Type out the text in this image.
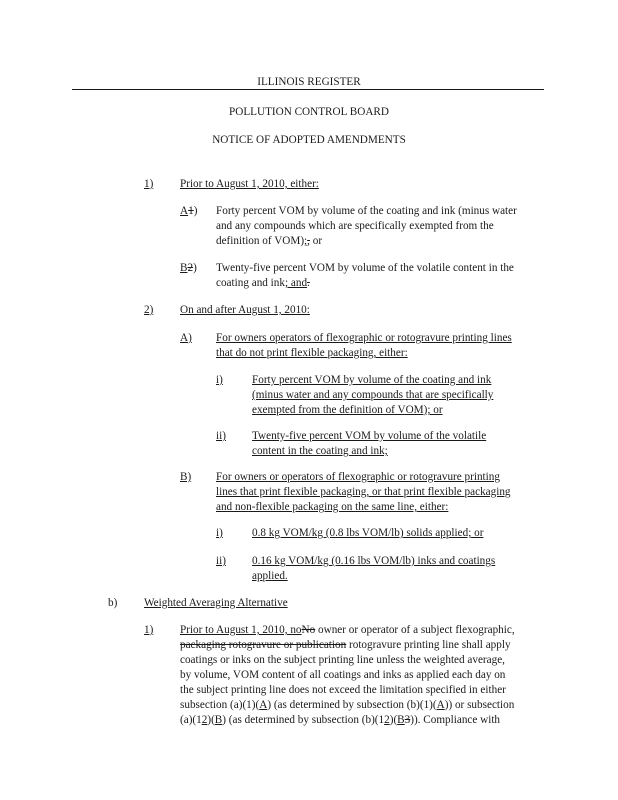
ILLINOIS REGISTER
POLLUTION CONTROL BOARD
NOTICE OF ADOPTED AMENDMENTS
1) Prior to August 1, 2010, either:
A1) Forty percent VOM by volume of the coating and ink (minus water
and any compounds which are specifically exempted from the
definition of VOM);, or
B2) Twenty-five percent VOM by volume of the volatile content in the
coating and ink; and.
2) On and after August 1, 2010:
A) For owners operators of flexographic or rotogravure printing lines
that do not print flexible packaging, either:
i)	Forty percent VOM by volume of the coating and ink
(minus water and any compounds that are specifically
exempted from the definition of VOM); or
ii) Twenty-five percent VOM by volume of the volatile
content in the coating and ink;
B) For owners or operators of flexographic or rotogravure printing
lines that print flexible packaging, or that print flexible packaging
and non-flexible packaging on the same line, either:
i)	0.8 kg VOM/kg (0.8 lbs VOM/lb) solids applied; or
ii) 0.16 kg VOM/kg (0.16 lbs VOM/lb) inks and coatings
applied.
b) Weighted Averaging Alternative
1) Prior to August 1, 2010, noNo owner or operator of a subject flexographic,
packaging rotogravure or publication rotogravure printing line shall apply
coatings or inks on the subject printing line unless the weighted average,
by volume, VOM content of all coatings and inks as applied each day on
the subject printing line does not exceed the limitation specified in either
subsection (a)(1)(A) (as determined by subsection (b)(1)(A)) or subsection
(a)(12)(B) (as determined by subsection (b)(12)(B3)). Compliance with
